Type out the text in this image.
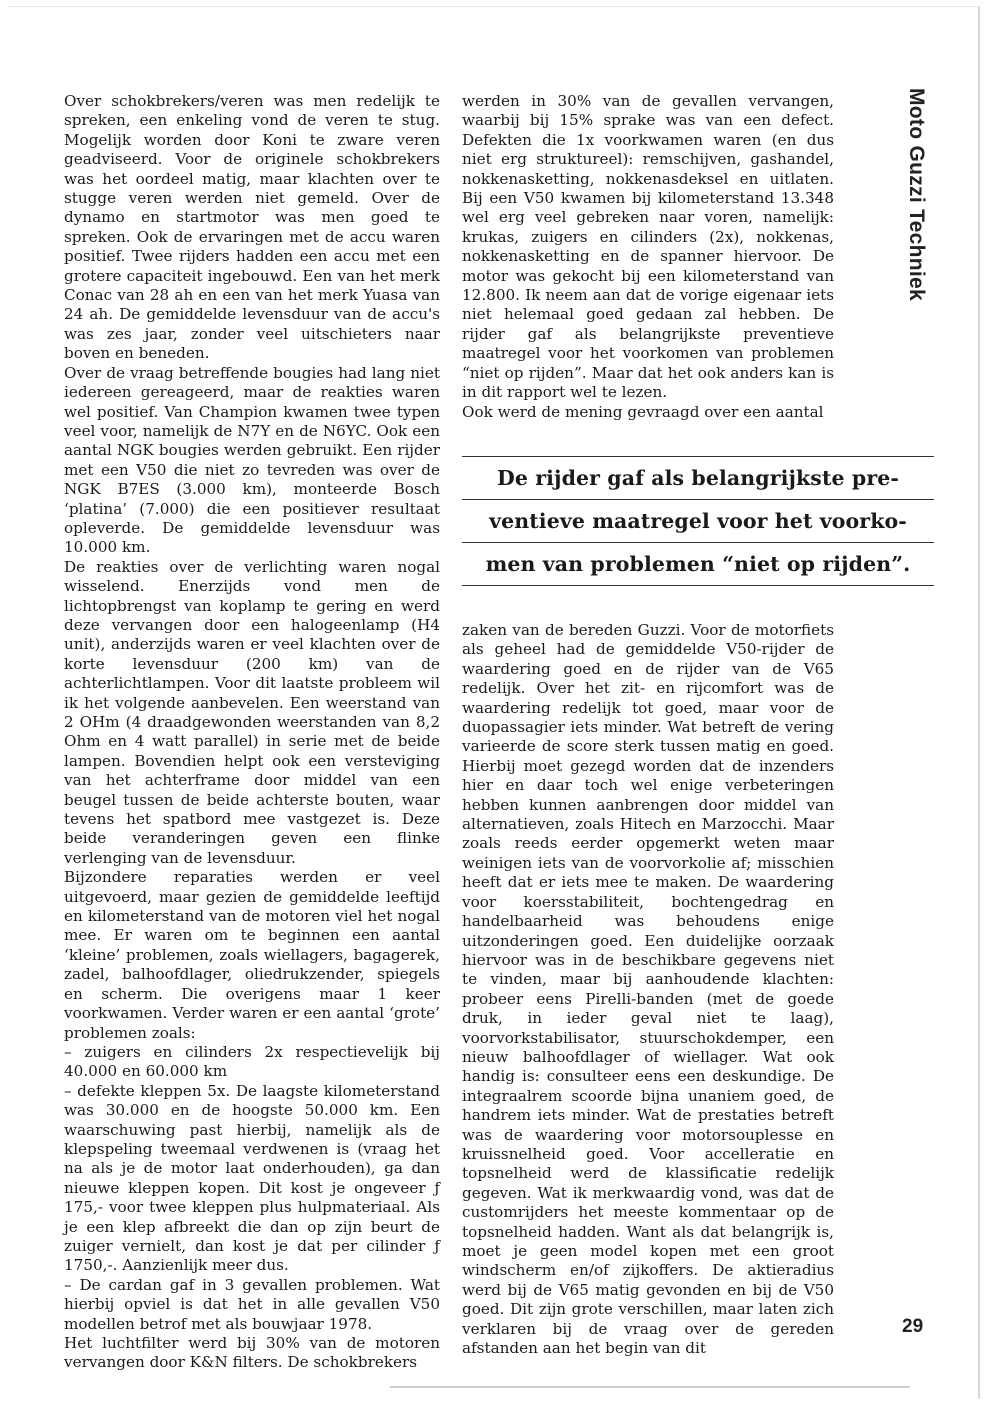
Over schokbrekers/veren was men redelijk te spreken, een enkeling vond de veren te stug. Mogelijk worden door Koni te zware veren geadviseerd. Voor de originele schokbrekers was het oordeel matig, maar klachten over te stugge veren werden niet gemeld. Over de dynamo en startmotor was men goed te spreken. Ook de ervaringen met de accu waren positief. Twee rijders hadden een accu met een grotere capaciteit ingebouwd. Een van het merk Conac van 28 ah en een van het merk Yuasa van 24 ah. De gemiddelde levensduur van de accu's was zes jaar, zonder veel uitschieters naar boven en beneden.

Over de vraag betreffende bougies had lang niet iedereen gereageerd, maar de reakties waren wel positief. Van Champion kwamen twee typen veel voor, namelijk de N7Y en de N6YC. Ook een aantal NGK bougies werden gebruikt. Een rijder met een V50 die niet zo tevreden was over de NGK B7ES (3.000 km), monteerde Bosch ‘platina’ (7.000) die een positiever resultaat opleverde. De gemiddelde levensduur was 10.000 km.

De reakties over de verlichting waren nogal wisselend. Enerzijds vond men de lichtopbrengst van koplamp te gering en werd deze vervangen door een halogeenlamp (H4 unit), anderzijds waren er veel klachten over de korte levensduur (200 km) van de achterlichtlampen. Voor dit laatste probleem wil ik het volgende aanbevelen. Een weerstand van 2 OHm (4 draadgewonden weerstanden van 8,2 Ohm en 4 watt parallel) in serie met de beide lampen. Bovendien helpt ook een versteviging van het achterframe door middel van een beugel tussen de beide achterste bouten, waar tevens het spatbord mee vastgezet is. Deze beide veranderingen geven een flinke verlenging van de levensduur.

Bijzondere reparaties werden er veel uitgevoerd, maar gezien de gemiddelde leeftijd en kilometerstand van de motoren viel het nogal mee. Er waren om te beginnen een aantal ‘kleine’ problemen, zoals wiellagers, bagagerek, zadel, balhoofdlager, oliedrukzender, spiegels en scherm. Die overigens maar 1 keer voorkwamen. Verder waren er een aantal ‘grote’ problemen zoals:

– zuigers en cilinders 2x respectievelijk bij 40.000 en 60.000 km

– defekte kleppen 5x. De laagste kilometerstand was 30.000 en de hoogste 50.000 km. Een waarschuwing past hierbij, namelijk als de klepspeling tweemaal verdwenen is (vraag het na als je de motor laat onderhouden), ga dan nieuwe kleppen kopen. Dit kost je ongeveer ƒ 175,- voor twee kleppen plus hulpmateriaal. Als je een klep afbreekt die dan op zijn beurt de zuiger vernielt, dan kost je dat per cilinder ƒ 1750,-. Aanzienlijk meer dus.

– De cardan gaf in 3 gevallen problemen. Wat hierbij opviel is dat het in alle gevallen V50 modellen betrof met als bouwjaar 1978.

Het luchtfilter werd bij 30% van de motoren vervangen door K&N filters. De schokbrekers

werden in 30% van de gevallen vervangen, waarbij bij 15% sprake was van een defect. Defekten die 1x voorkwamen waren (en dus niet erg struktureel): remschijven, gashandel, nokkenasketting, nokkenasdeksel en uitlaten. Bij een V50 kwamen bij kilometerstand 13.348 wel erg veel gebreken naar voren, namelijk: krukas, zuigers en cilinders (2x), nokkenas, nokkenasketting en de spanner hiervoor. De motor was gekocht bij een kilometerstand van 12.800. Ik neem aan dat de vorige eigenaar iets niet helemaal goed gedaan zal hebben. De rijder gaf als belangrijkste preventieve maatregel voor het voorkomen van problemen “niet op rijden”. Maar dat het ook anders kan is in dit rapport wel te lezen.

Ook werd de mening gevraagd over een aantal

De rijder gaf als belangrijkste pre-
ventieve maatregel voor het voorko-
men van problemen “niet op rijden”.

zaken van de bereden Guzzi. Voor de motorfiets als geheel had de gemiddelde V50-rijder de waardering goed en de rijder van de V65 redelijk. Over het zit- en rijcomfort was de waardering redelijk tot goed, maar voor de duopassagier iets minder. Wat betreft de vering varieerde de score sterk tussen matig en goed. Hierbij moet gezegd worden dat de inzenders hier en daar toch wel enige verbeteringen hebben kunnen aanbrengen door middel van alternatieven, zoals Hitech en Marzocchi. Maar zoals reeds eerder opgemerkt weten maar weinigen iets van de voorvorkolie af; misschien heeft dat er iets mee te maken. De waardering voor koersstabiliteit, bochtengedrag en handelbaarheid was behoudens enige uitzonderingen goed. Een duidelijke oorzaak hiervoor was in de beschikbare gegevens niet te vinden, maar bij aanhoudende klachten: probeer eens Pirelli-banden (met de goede druk, in ieder geval niet te laag), voorvorkstabilisator, stuurschokdemper, een nieuw balhoofdlager of wiellager. Wat ook handig is: consulteer eens een deskundige. De integraalrem scoorde bijna unaniem goed, de handrem iets minder. Wat de prestaties betreft was de waardering voor motorsouplesse en kruissnelheid goed. Voor accelleratie en topsnelheid werd de klassificatie redelijk gegeven. Wat ik merkwaardig vond, was dat de customrijders het meeste kommentaar op de topsnelheid hadden. Want als dat belangrijk is, moet je geen model kopen met een groot windscherm en/of zijkoffers. De aktieradius werd bij de V65 matig gevonden en bij de V50 goed. Dit zijn grote verschillen, maar laten zich verklaren bij de vraag over de gereden afstanden aan het begin van dit

Moto Guzzi Techniek
29
